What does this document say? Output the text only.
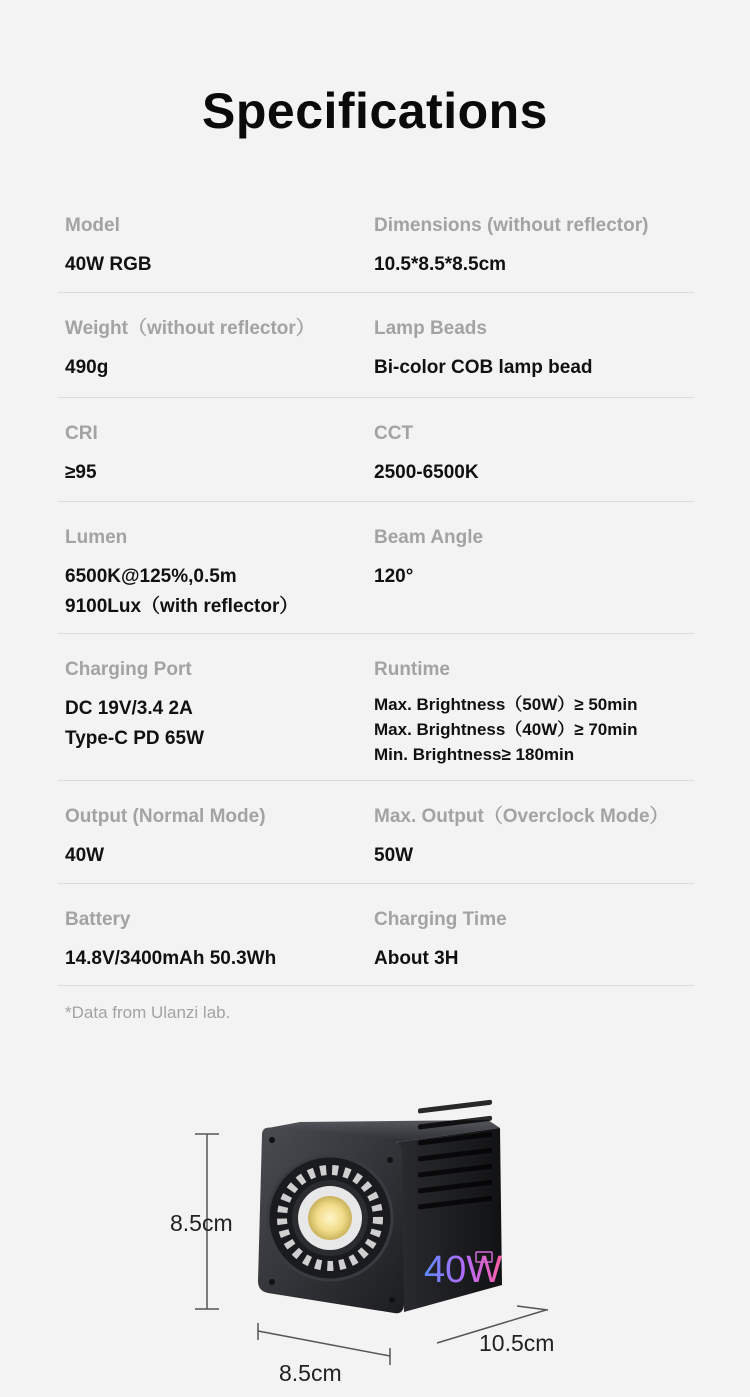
Specifications
Model
40W RGB
Dimensions (without reflector)
10.5*8.5*8.5cm
Weight（without reflector）
490g
Lamp Beads
Bi-color COB lamp bead
CRI
≥95
CCT
2500-6500K
Lumen
6500K@125%,0.5m
9100Lux（with reflector）
Beam Angle
120°
Charging Port
DC 19V/3.4 2A
Type-C PD 65W
Runtime
Max. Brightness（50W）≥ 50min
Max. Brightness（40W）≥ 70min
Min. Brightness≥ 180min
Output (Normal Mode)
40W
Max. Output（Overclock Mode）
50W
Battery
14.8V/3400mAh 50.3Wh
Charging Time
About 3H
*Data from Ulanzi lab.
40W
8.5cm
10.5cm
8.5cm
